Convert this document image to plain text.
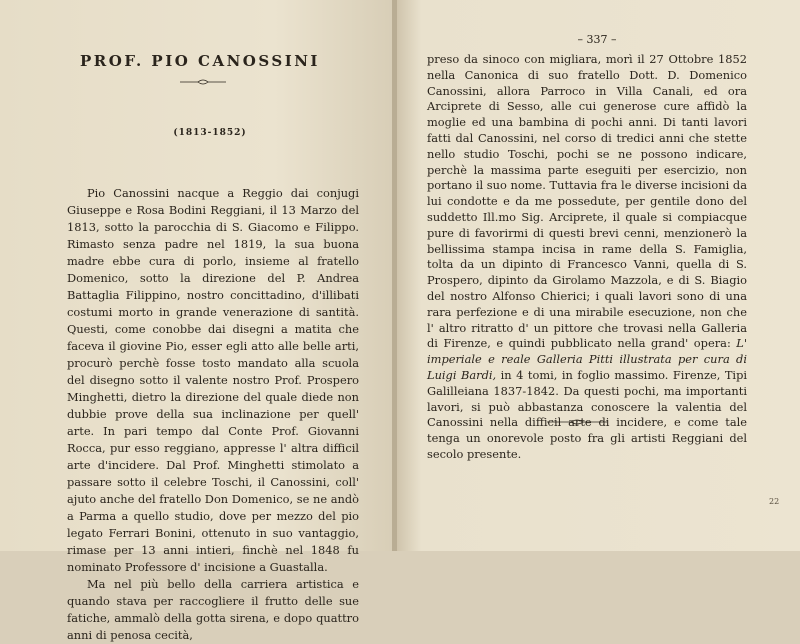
PROF. PIO CANOSSINI
(1813-1852)

Pio Canossini nacque a Reggio dai conjugi Giuseppe e Rosa Bodini Reggiani, il 13 Marzo del 1813, sotto la parocchia di S. Giacomo e Filippo. Rimasto senza padre nel 1819, la sua buona madre ebbe cura di porlo, insieme al fratello Domenico, sotto la direzione del P. Andrea Battaglia Filippino, nostro concittadino, d'illibati costumi morto in grande venerazione di santità. Questi, come conobbe dai disegni a matita che faceva il giovine Pio, esser egli atto alle belle arti, procurò perchè fosse tosto mandato alla scuola del disegno sotto il valente nostro Prof. Prospero Minghetti, dietro la direzione del quale diede non dubbie prove della sua inclinazione per quell' arte. In pari tempo dal Conte Prof. Giovanni Rocca, pur esso reggiano, appresse l' altra difficil arte d'incidere. Dal Prof. Minghetti stimolato a passare sotto il celebre Toschi, il Canossini, coll' ajuto anche del fratello Don Domenico, se ne andò a Parma a quello studio, dove per mezzo del pio legato Ferrari Bonini, ottenuto in suo vantaggio, rimase per 13 anni intieri, finchè nel 1848 fu nominato Professore d' incisione a Guastalla.

Ma nel più bello della carriera artistica e quando stava per raccogliere il frutto delle sue fatiche, ammalò della gotta sirena, e dopo quattro anni di penosa cecità,

– 337 –

preso da sinoco con migliara, morì il 27 Ottobre 1852 nella Canonica di suo fratello Dott. D. Domenico Canossini, allora Parroco in Villa Canali, ed ora Arciprete di Sesso, alle cui generose cure affidò la moglie ed una bambina di pochi anni. Di tanti lavori fatti dal Canossini, nel corso di tredici anni che stette nello studio Toschi, pochi se ne possono indicare, perchè la massima parte eseguiti per esercizio, non portano il suo nome. Tuttavia fra le diverse incisioni da lui condotte e da me possedute, per gentile dono del suddetto Ill.mo Sig. Arciprete, il quale si compiacque pure di favorirmi di questi brevi cenni, menzionerò la bellissima stampa incisa in rame della S. Famiglia, tolta da un dipinto di Francesco Vanni, quella di S. Prospero, dipinto da Girolamo Mazzola, e di S. Biagio del nostro Alfonso Chierici; i quali lavori sono di una rara perfezione e di una mirabile esecuzione, non che l' altro ritratto d' un pittore che trovasi nella Galleria di Firenze, e quindi pubblicato nella grand' opera: L' imperiale e reale Galleria Pitti illustrata per cura di Luigi Bardi, in 4 tomi, in foglio massimo. Firenze, Tipi Galilleiana 1837-1842. Da questi pochi, ma importanti lavori, si può abbastanza conoscere la valentia del Canossini nella difficil arte di incidere, e come tale tenga un onorevole posto fra gli artisti Reggiani del secolo presente.

22
